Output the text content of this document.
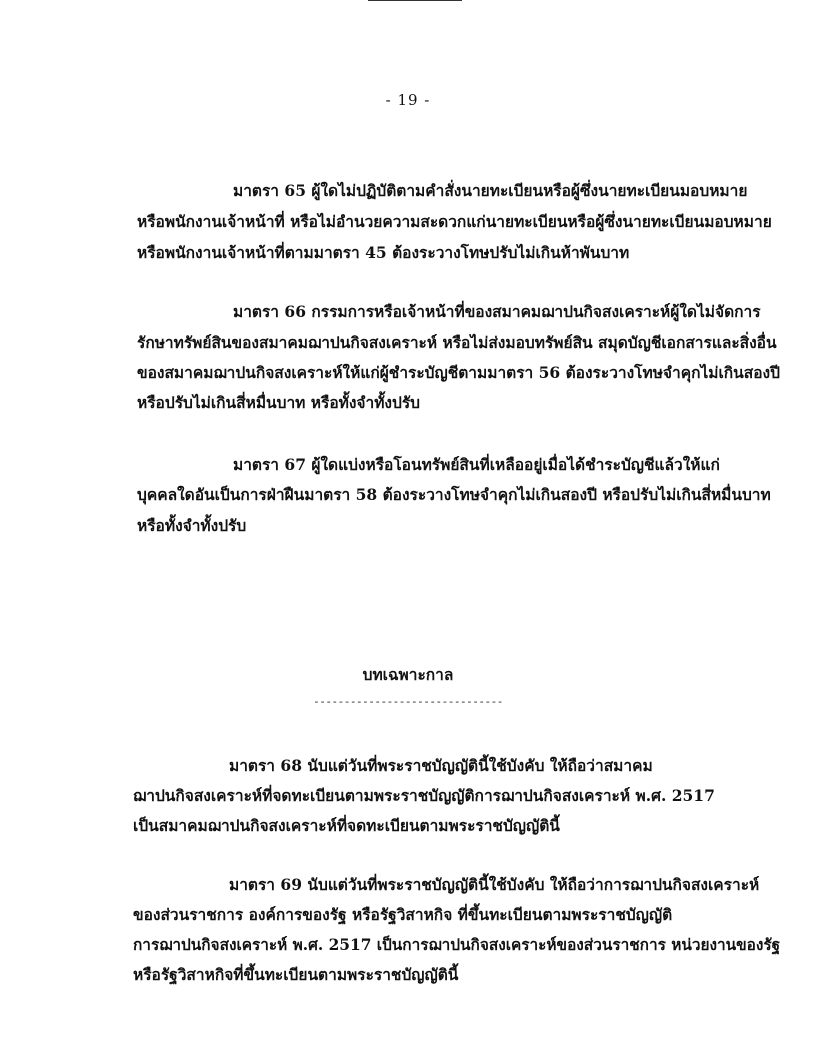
- 19 -
มาตรา 65 ผู้ใดไม่ปฏิบัติตามคำสั่งนายทะเบียนหรือผู้ซึ่งนายทะเบียนมอบหมาย
หรือพนักงานเจ้าหน้าที่ หรือไม่อำนวยความสะดวกแก่นายทะเบียนหรือผู้ซึ่งนายทะเบียนมอบหมาย
หรือพนักงานเจ้าหน้าที่ตามมาตรา 45 ต้องระวางโทษปรับไม่เกินห้าพันบาท
มาตรา 66 กรรมการหรือเจ้าหน้าที่ของสมาคมฌาปนกิจสงเคราะห์ผู้ใดไม่จัดการ
รักษาทรัพย์สินของสมาคมฌาปนกิจสงเคราะห์ หรือไม่ส่งมอบทรัพย์สิน สมุดบัญชีเอกสารและสิ่งอื่น
ของสมาคมฌาปนกิจสงเคราะห์ให้แก่ผู้ชำระบัญชีตามมาตรา 56 ต้องระวางโทษจำคุกไม่เกินสองปี
หรือปรับไม่เกินสี่หมื่นบาท หรือทั้งจำทั้งปรับ
มาตรา 67 ผู้ใดแบ่งหรือโอนทรัพย์สินที่เหลืออยู่เมื่อได้ชำระบัญชีแล้วให้แก่
บุคคลใดอันเป็นการฝ่าฝืนมาตรา 58 ต้องระวางโทษจำคุกไม่เกินสองปี หรือปรับไม่เกินสี่หมื่นบาท
หรือทั้งจำทั้งปรับ
บทเฉพาะกาล
-------------------------------
มาตรา 68 นับแต่วันที่พระราชบัญญัตินี้ใช้บังคับ ให้ถือว่าสมาคม
ฌาปนกิจสงเคราะห์ที่จดทะเบียนตามพระราชบัญญัติการฌาปนกิจสงเคราะห์ พ.ศ. 2517
เป็นสมาคมฌาปนกิจสงเคราะห์ที่จดทะเบียนตามพระราชบัญญัตินี้
มาตรา 69 นับแต่วันที่พระราชบัญญัตินี้ใช้บังคับ ให้ถือว่าการฌาปนกิจสงเคราะห์
ของส่วนราชการ องค์การของรัฐ หรือรัฐวิสาหกิจ ที่ขึ้นทะเบียนตามพระราชบัญญัติ
การฌาปนกิจสงเคราะห์ พ.ศ. 2517 เป็นการฌาปนกิจสงเคราะห์ของส่วนราชการ หน่วยงานของรัฐ
หรือรัฐวิสาหกิจที่ขึ้นทะเบียนตามพระราชบัญญัตินี้
